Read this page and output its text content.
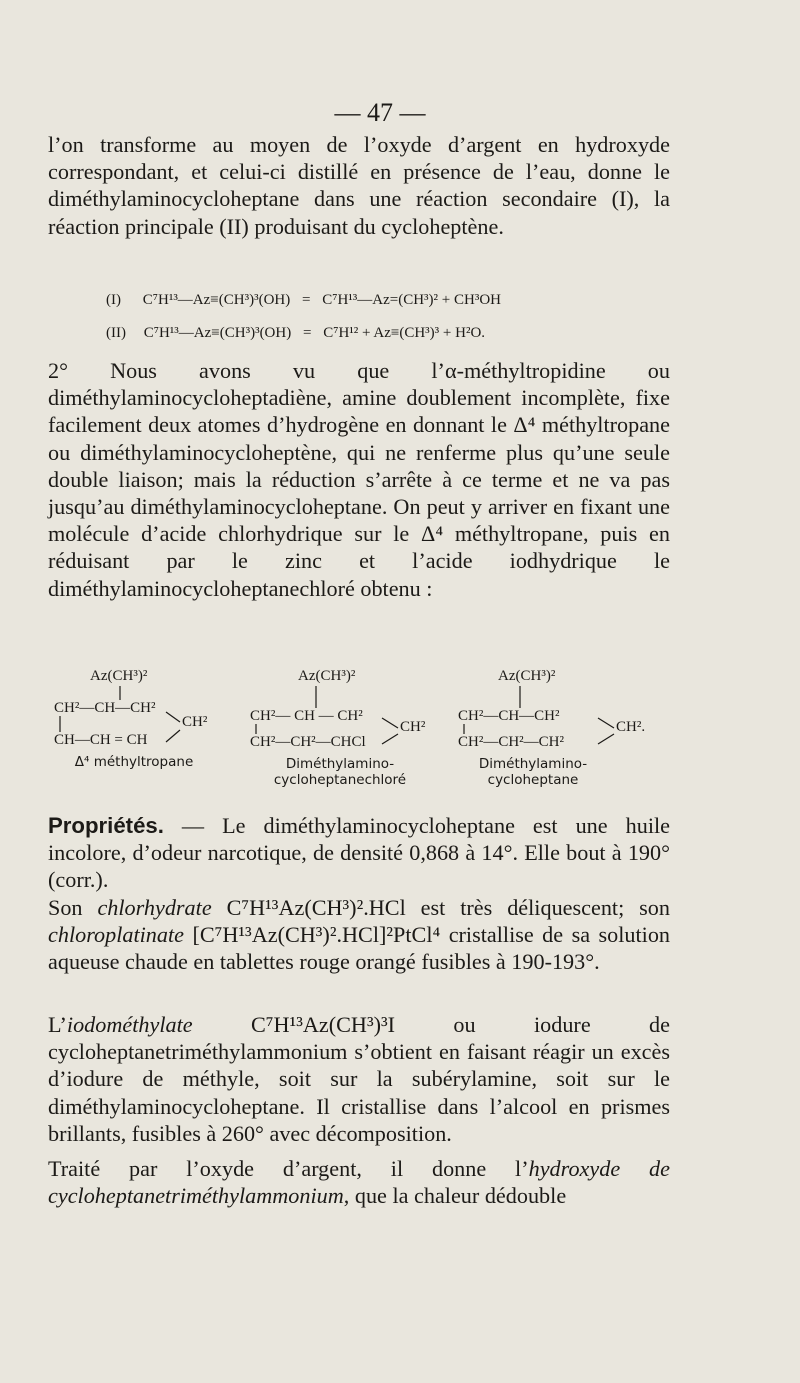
— 47 —

l’on transforme au moyen de l’oxyde d’argent en hydroxyde correspondant, et celui-ci distillé en présence de l’eau, donne le diméthylaminocycloheptane dans une réaction secondaire (I), la réaction principale (II) produisant du cycloheptène.

(I) C⁷H¹³—Az≡(CH³)³(OH) = C⁷H¹³—Az=(CH³)² + CH³OH
(II) C⁷H¹³—Az≡(CH³)³(OH) = C⁷H¹² + Az≡(CH³)³ + H²O.

2° Nous avons vu que l’α-méthyltropidine ou diméthylaminocycloheptadiène, amine doublement incomplète, fixe facilement deux atomes d’hydrogène en donnant le Δ⁴ méthyltropane ou diméthylaminocycloheptène, qui ne renferme plus qu’une seule double liaison; mais la réduction s’arrête à ce terme et ne va pas jusqu’au diméthylaminocycloheptane. On peut y arriver en fixant une molécule d’acide chlorhydrique sur le Δ⁴ méthyltropane, puis en réduisant par le zinc et l’acide iodhydrique le diméthylaminocycloheptanechloré obtenu :

Az(CH³)²
CH²—CH—CH²
CH²
CH—CH = CH
Δ⁴ méthyltropane
Az(CH³)²
CH²— CH — CH²
CH²
CH²—CH²—CHCl
Diméthylamino-cycloheptanechloré
Az(CH³)²
CH²—CH—CH²
CH².
CH²—CH²—CH²
Diméthylamino-cycloheptane

Propriétés. — Le diméthylaminocycloheptane est une huile incolore, d’odeur narcotique, de densité 0,868 à 14°. Elle bout à 190° (corr.).

Son chlorhydrate C⁷H¹³Az(CH³)².HCl est très déliquescent; son chloroplatinate [C⁷H¹³Az(CH³)².HCl]²PtCl⁴ cristallise de sa solution aqueuse chaude en tablettes rouge orangé fusibles à 190-193°.

L’iodométhylate C⁷H¹³Az(CH³)³I ou iodure de cycloheptanetriméthylammonium s’obtient en faisant réagir un excès d’iodure de méthyle, soit sur la subérylamine, soit sur le diméthylaminocycloheptane. Il cristallise dans l’alcool en prismes brillants, fusibles à 260° avec décomposition.

Traité par l’oxyde d’argent, il donne l’hydroxyde de cycloheptanetriméthylammonium, que la chaleur dédouble
